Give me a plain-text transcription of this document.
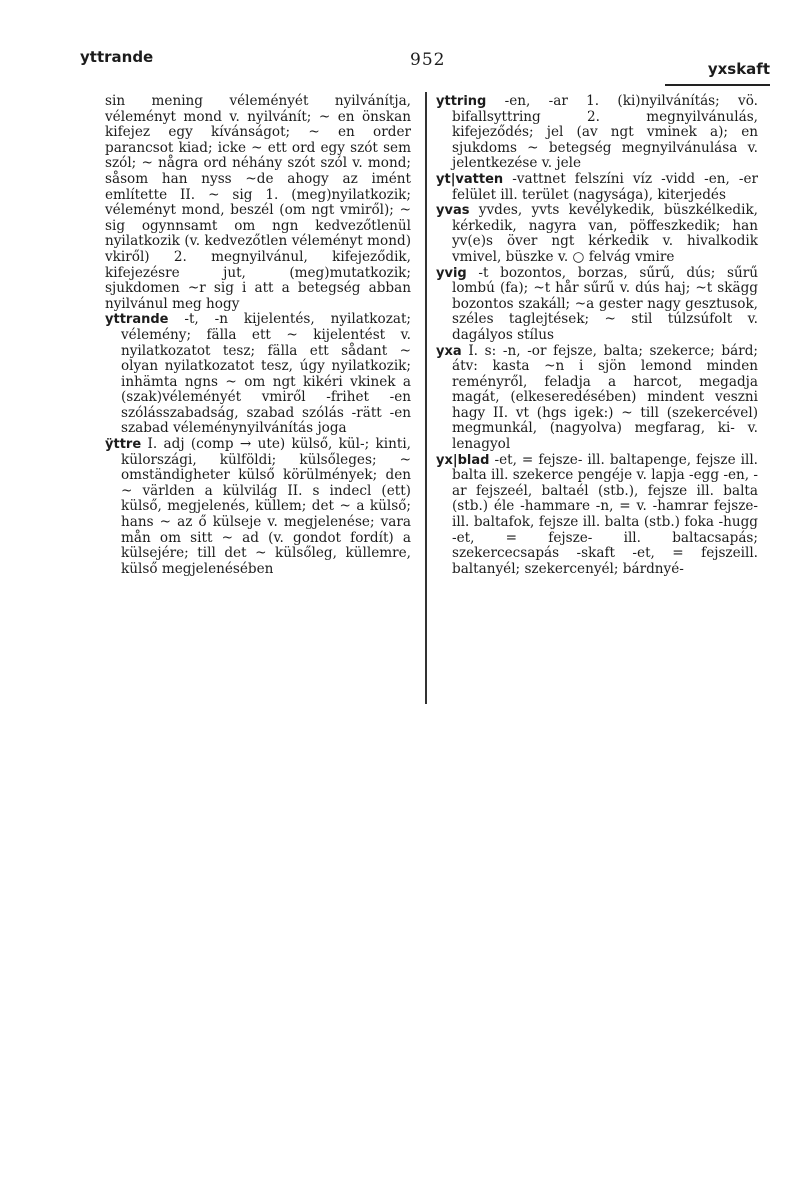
yttrande	952	yxskaft

sin mening véleményét nyilvánítja, véleményt mond v. nyilvánít; ~ en önskan kifejez egy kívánságot; ~ en order parancsot kiad; icke ~ ett ord egy szót sem szól; ~ några ord néhány szót szól v. mond; såsom han nyss ~de ahogy az imént említette II. ~ sig 1. (meg)nyilatkozik; véleményt mond, beszél (om ngt vmiről); ~ sig ogynnsamt om ngn kedvezőtlenül nyilatkozik (v. kedvezőtlen véleményt mond) vkiről) 2. megnyilvánul, kifejeződik, kifejezésre jut, (meg)mutatkozik; sjukdomen ~r sig i att a betegség abban nyilvánul meg hogy

yttrande -t, -n kijelentés, nyilatkozat; vélemény; fälla ett ~ kijelentést v. nyilatkozatot tesz; fälla ett sådant ~ olyan nyilatkozatot tesz, úgy nyilatkozik; inhämta ngns ~ om ngt kikéri vkinek a (szak)véleményét vmiről -frihet -en szólásszabadság, szabad szólás -rätt -en szabad véleménynyilvánítás joga

ÿttre I. adj (comp → ute) külső, kül-; kinti, külországi, külföldi; külsőleges; ~ omständigheter külső körülmények; den ~ världen a külvilág II. s indecl (ett) külső, megjelenés, küllem; det ~ a külső; hans ~ az ő külseje v. megjelenése; vara mån om sitt ~ ad (v. gondot fordít) a külsejére; till det ~ külsőleg, küllemre, külső megjelenésében

yttring -en, -ar 1. (ki)nyilvánítás; vö. bifallsyttring 2. megnyilvánulás, kifejeződés; jel (av ngt vminek a); en sjukdoms ~ betegség megnyilvánulása v. jelentkezése v. jele

yt|vatten -vattnet felszíni víz -vidd -en, -er felület ill. terület (nagysága), kiterjedés

yvas yvdes, yvts kevélykedik, büszkélkedik, kérkedik, nagyra van, pöffeszkedik; han yv(e)s över ngt kérkedik v. hivalkodik vmivel, büszke v. ○ felvág vmire

yvig -t bozontos, borzas, sűrű, dús; sűrű lombú (fa); ~t hår sűrű v. dús haj; ~t skägg bozontos szakáll; ~a gester nagy gesztusok, széles taglejtések; ~ stil túlzsúfolt v. dagályos stílus

yxa I. s: -n, -or fejsze, balta; szekerce; bárd; átv: kasta ~n i sjön lemond minden reményről, feladja a harcot, megadja magát, (elkeseredésében) mindent veszni hagy II. vt (hgs igek:) ~ till (szekercével) megmunkál, (nagyolva) megfarag, ki- v. lenagyol

yx|blad -et, = fejsze- ill. baltapenge, fejsze ill. balta ill. szekerce pengéje v. lapja -egg -en, -ar fejszeél, baltaél (stb.), fejsze ill. balta (stb.) éle -hammare -n, = v. -hamrar fejsze- ill. baltafok, fejsze ill. balta (stb.) foka -hugg -et, = fejsze- ill. baltacsapás; szekercecsapás -skaft -et, = fejszeill. baltanyél; szekercenyél; bárdnyé-
